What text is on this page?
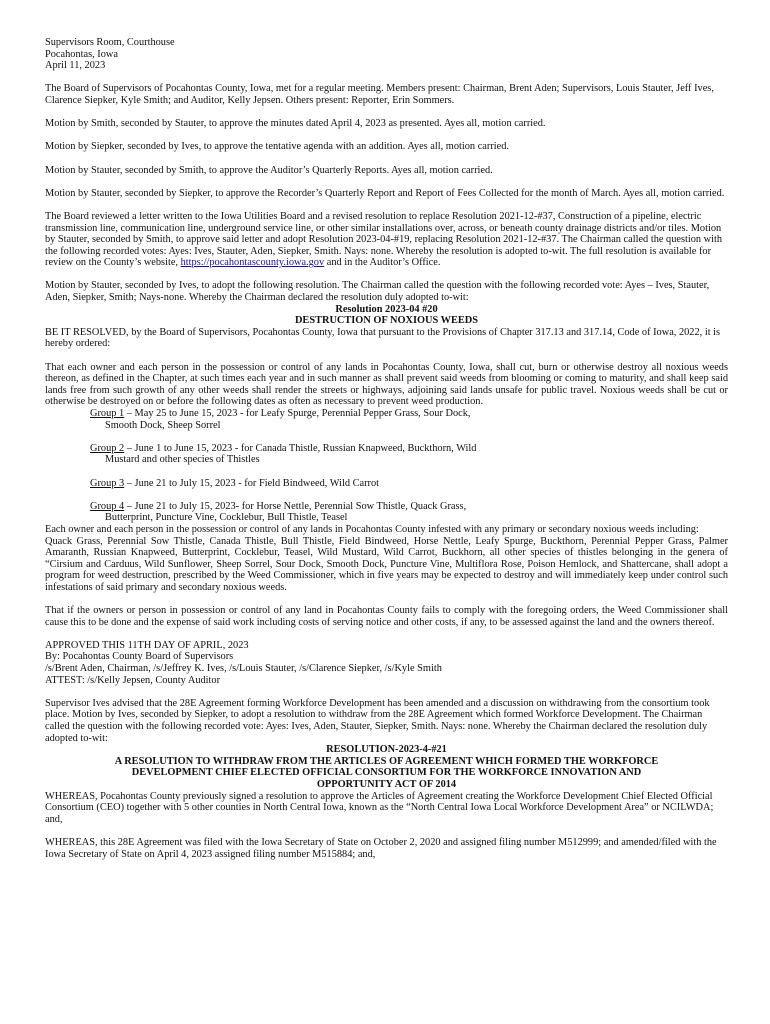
Supervisors Room, Courthouse

Pocahontas, Iowa

April 11, 2023

The Board of Supervisors of Pocahontas County, Iowa, met for a regular meeting. Members present: Chairman, Brent Aden; Supervisors, Louis Stauter, Jeff Ives, Clarence Siepker, Kyle Smith; and Auditor, Kelly Jepsen. Others present: Reporter, Erin Sommers.

Motion by Smith, seconded by Stauter, to approve the minutes dated April 4, 2023 as presented. Ayes all, motion carried.

Motion by Siepker, seconded by Ives, to approve the tentative agenda with an addition. Ayes all, motion carried.

Motion by Stauter, seconded by Smith, to approve the Auditor’s Quarterly Reports. Ayes all, motion carried.

Motion by Stauter, seconded by Siepker, to approve the Recorder’s Quarterly Report and Report of Fees Collected for the month of March. Ayes all, motion carried.

The Board reviewed a letter written to the Iowa Utilities Board and a revised resolution to replace Resolution 2021-12-#37, Construction of a pipeline, electric transmission line, communication line, underground service line, or other similar installations over, across, or beneath county drainage districts and/or tiles. Motion by Stauter, seconded by Smith, to approve said letter and adopt Resolution 2023-04-#19, replacing Resolution 2021-12-#37. The Chairman called the question with the following recorded votes: Ayes: Ives, Stauter, Aden, Siepker, Smith. Nays: none. Whereby the resolution is adopted to-wit. The full resolution is available for review on the County’s website, https://pocahontascounty.iowa.gov and in the Auditor’s Office.

Motion by Stauter, seconded by Ives, to adopt the following resolution. The Chairman called the question with the following recorded vote: Ayes – Ives, Stauter, Aden, Siepker, Smith; Nays-none. Whereby the Chairman declared the resolution duly adopted to-wit:

Resolution 2023-04 #20

DESTRUCTION OF NOXIOUS WEEDS

BE IT RESOLVED, by the Board of Supervisors, Pocahontas County, Iowa that pursuant to the Provisions of Chapter 317.13 and 317.14, Code of Iowa, 2022, it is hereby ordered:

That each owner and each person in the possession or control of any lands in Pocahontas County, Iowa, shall cut, burn or otherwise destroy all noxious weeds thereon, as defined in the Chapter, at such times each year and in such manner as shall prevent said weeds from blooming or coming to maturity, and shall keep said lands free from such growth of any other weeds shall render the streets or highways, adjoining said lands unsafe for public travel. Noxious weeds shall be cut or otherwise be destroyed on or before the following dates as often as necessary to prevent weed production.

Group 1 – May 25 to June 15, 2023 - for Leafy Spurge, Perennial Pepper Grass, Sour Dock,

Smooth Dock, Sheep Sorrel

Group 2 – June 1 to June 15, 2023 - for Canada Thistle, Russian Knapweed, Buckthorn, Wild

Mustard and other species of Thistles

Group 3 – June 21 to July 15, 2023 - for Field Bindweed, Wild Carrot

Group 4 – June 21 to July 15, 2023- for Horse Nettle, Perennial Sow Thistle, Quack Grass,

Butterprint, Puncture Vine, Cocklebur, Bull Thistle, Teasel

Each owner and each person in the possession or control of any lands in Pocahontas County infested with any primary or secondary noxious weeds including:

Quack Grass, Perennial Sow Thistle, Canada Thistle, Bull Thistle, Field Bindweed, Horse Nettle, Leafy Spurge, Buckthorn, Perennial Pepper Grass, Palmer Amaranth, Russian Knapweed, Butterprint, Cocklebur, Teasel, Wild Mustard, Wild Carrot, Buckhorn, all other species of thistles belonging in the genera of “Cirsium and Carduus, Wild Sunflower, Sheep Sorrel, Sour Dock, Smooth Dock, Puncture Vine, Multiflora Rose, Poison Hemlock, and Shattercane, shall adopt a program for weed destruction, prescribed by the Weed Commissioner, which in five years may be expected to destroy and will immediately keep under control such infestations of said primary and secondary noxious weeds.

That if the owners or person in possession or control of any land in Pocahontas County fails to comply with the foregoing orders, the Weed Commissioner shall cause this to be done and the expense of said work including costs of serving notice and other costs, if any, to be assessed against the land and the owners thereof.

APPROVED THIS 11TH DAY OF APRIL, 2023

By: Pocahontas County Board of Supervisors

/s/Brent Aden, Chairman, /s/Jeffrey K. Ives, /s/Louis Stauter, /s/Clarence Siepker, /s/Kyle Smith

ATTEST: /s/Kelly Jepsen, County Auditor

Supervisor Ives advised that the 28E Agreement forming Workforce Development has been amended and a discussion on withdrawing from the consortium took place. Motion by Ives, seconded by Siepker, to adopt a resolution to withdraw from the 28E Agreement which formed Workforce Development. The Chairman called the question with the following recorded vote: Ayes: Ives, Aden, Stauter, Siepker, Smith. Nays: none. Whereby the Chairman declared the resolution duly adopted to-wit:

RESOLUTION-2023-4-#21

A RESOLUTION TO WITHDRAW FROM THE ARTICLES OF AGREEMENT WHICH FORMED THE WORKFORCE

DEVELOPMENT CHIEF ELECTED OFFICIAL CONSORTIUM FOR THE WORKFORCE INNOVATION AND

OPPORTUNITY ACT OF 2014

WHEREAS, Pocahontas County previously signed a resolution to approve the Articles of Agreement creating the Workforce Development Chief Elected Official Consortium (CEO) together with 5 other counties in North Central Iowa, known as the “North Central Iowa Local Workforce Development Area” or NCILWDA; and,

WHEREAS, this 28E Agreement was filed with the Iowa Secretary of State on October 2, 2020 and assigned filing number M512999; and amended/filed with the Iowa Secretary of State on April 4, 2023 assigned filing number M515884; and,
